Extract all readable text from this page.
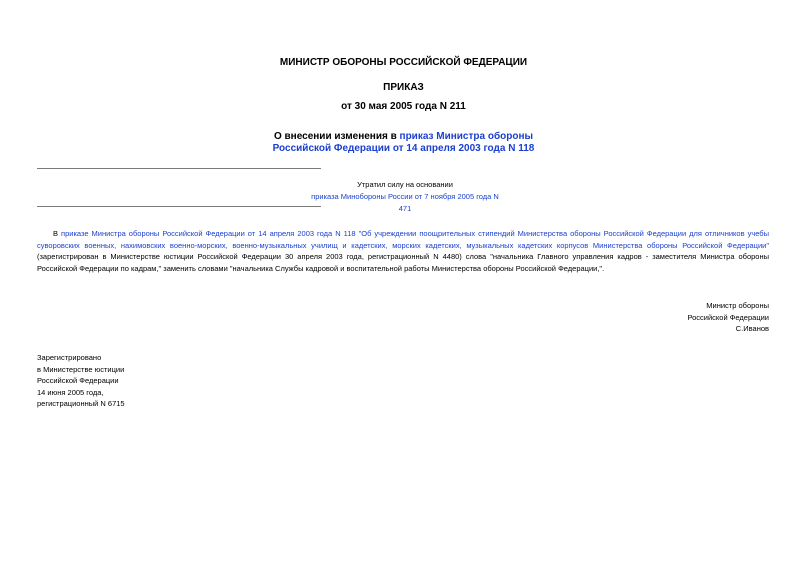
МИНИСТР ОБОРОНЫ РОССИЙСКОЙ ФЕДЕРАЦИИ
ПРИКАЗ
от 30 мая 2005 года N 211
О внесении изменения в приказ Министра обороны
Российской Федерации от 14 апреля 2003 года N 118
Утратил силу на основании
приказа Минобороны России от 7 ноября 2005 года N 471
В приказе Министра обороны Российской Федерации от 14 апреля 2003 года N 118 "Об учреждении поощрительных стипендий Министерства обороны Российской Федерации для отличников учебы суворовских военных, нахимовских военно-морских, военно-музыкальных училищ и кадетских, морских кадетских, музыкальных кадетских корпусов Министерства обороны Российской Федерации" (зарегистрирован в Министерстве юстиции Российской Федерации 30 апреля 2003 года, регистрационный N 4480) слова "начальника Главного управления кадров - заместителя Министра обороны Российской Федерации по кадрам," заменить словами "начальника Службы кадровой и воспитательной работы Министерства обороны Российской Федерации,".
Министр обороны
Российской Федерации
С.Иванов
Зарегистрировано
в Министерстве юстиции
Российской Федерации
14 июня 2005 года,
регистрационный N 6715
